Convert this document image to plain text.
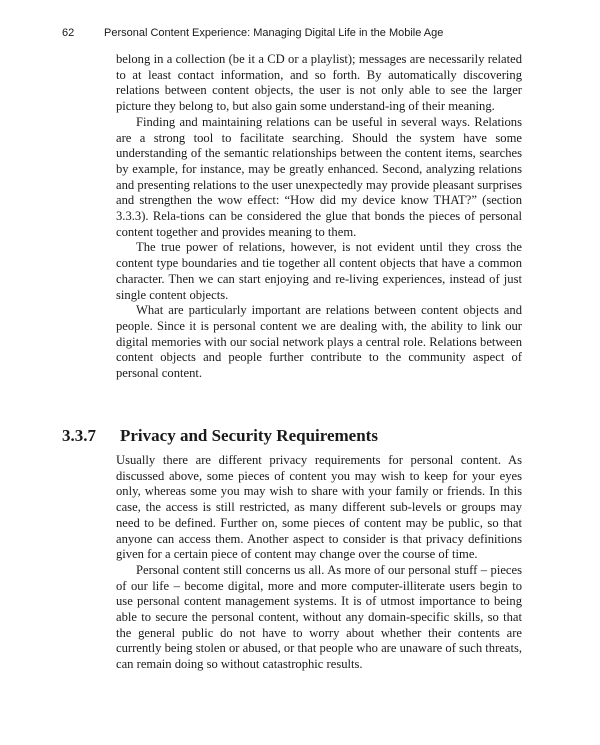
62	Personal Content Experience: Managing Digital Life in the Mobile Age

belong in a collection (be it a CD or a playlist); messages are necessarily related to at least contact information, and so forth. By automatically discovering relations between content objects, the user is not only able to see the larger picture they belong to, but also gain some understand-ing of their meaning.

Finding and maintaining relations can be useful in several ways. Relations are a strong tool to facilitate searching. Should the system have some understanding of the semantic relationships between the content items, searches by example, for instance, may be greatly enhanced. Second, analyzing relations and presenting relations to the user unexpectedly may provide pleasant surprises and strengthen the wow effect: “How did my device know THAT?” (section 3.3.3). Rela-tions can be considered the glue that bonds the pieces of personal content together and provides meaning to them.

The true power of relations, however, is not evident until they cross the content type boundaries and tie together all content objects that have a common character. Then we can start enjoying and re-living experiences, instead of just single content objects.

What are particularly important are relations between content objects and people. Since it is personal content we are dealing with, the ability to link our digital memories with our social network plays a central role. Relations between content objects and people further contribute to the community aspect of personal content.

3.3.7 Privacy and Security Requirements

Usually there are different privacy requirements for personal content. As discussed above, some pieces of content you may wish to keep for your eyes only, whereas some you may wish to share with your family or friends. In this case, the access is still restricted, as many different sub-levels or groups may need to be defined. Further on, some pieces of content may be public, so that anyone can access them. Another aspect to consider is that privacy definitions given for a certain piece of content may change over the course of time.

Personal content still concerns us all. As more of our personal stuff – pieces of our life – become digital, more and more computer-illiterate users begin to use personal content management systems. It is of utmost importance to being able to secure the personal content, without any domain-specific skills, so that the general public do not have to worry about whether their contents are currently being stolen or abused, or that people who are unaware of such threats, can remain doing so without catastrophic results.
